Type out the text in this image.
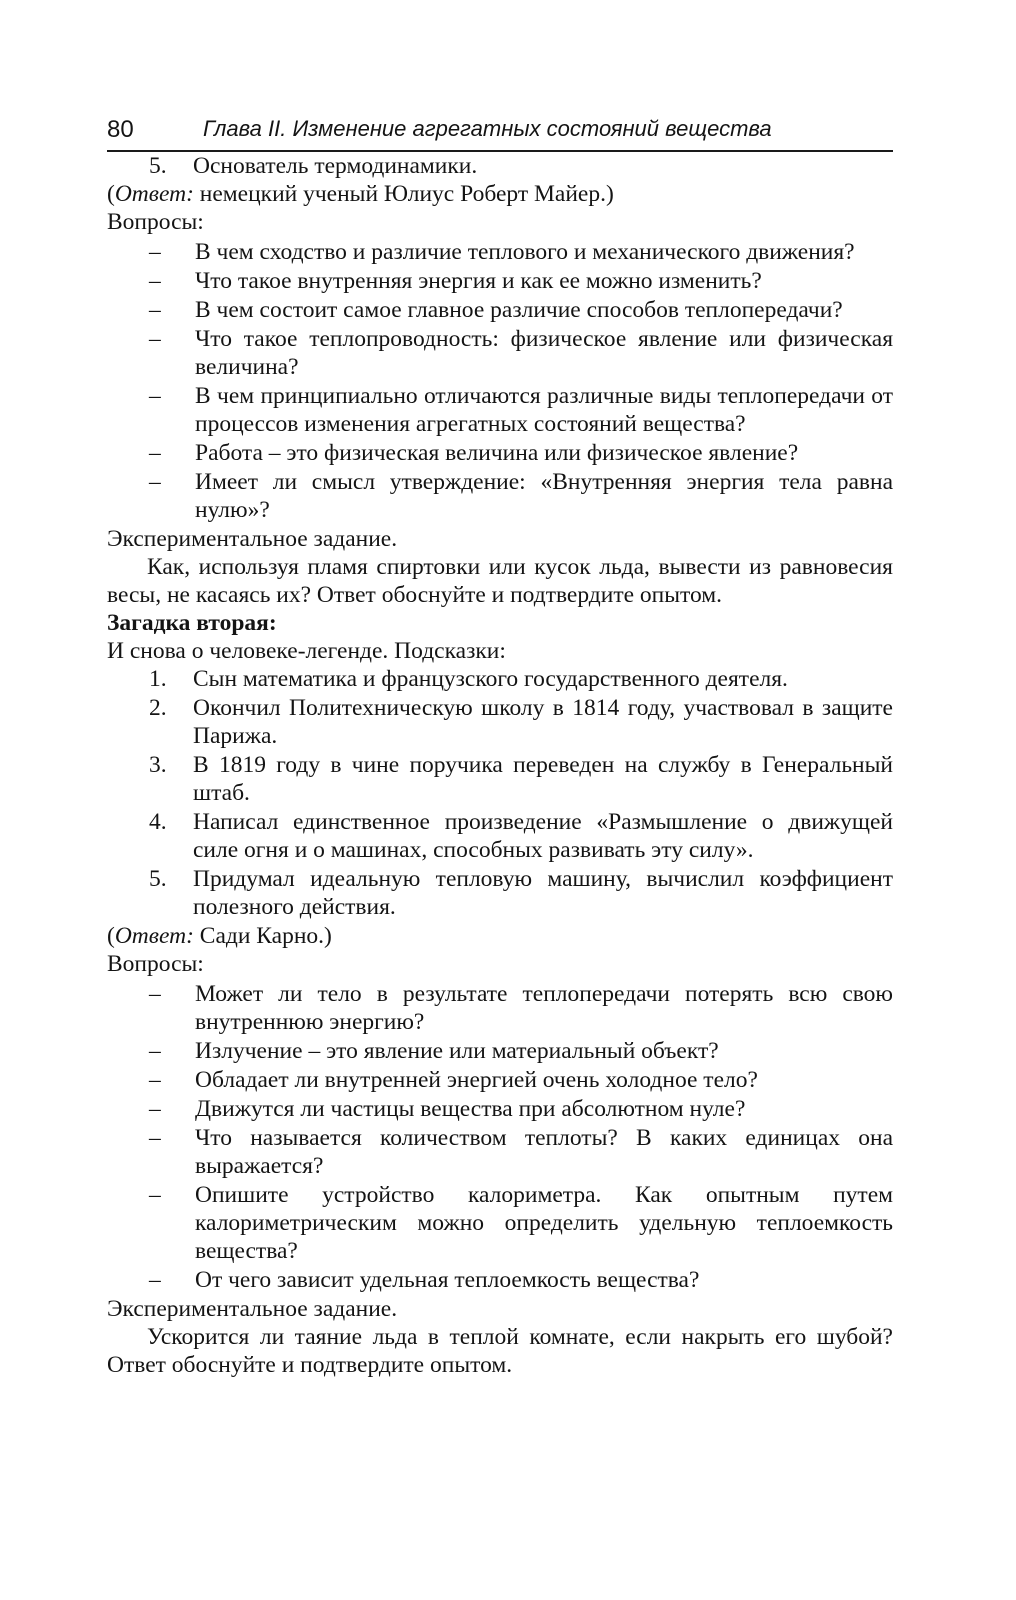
80	Глава II. Изменение агрегатных состояний вещества
5. Основатель термодинамики.

(Ответ: немецкий ученый Юлиус Роберт Майер.)

Вопросы:

– В чем сходство и различие теплового и механического движения?
– Что такое внутренняя энергия и как ее можно изменить?
– В чем состоит самое главное различие способов теплопередачи?
– Что такое теплопроводность: физическое явление или физическая величина?
– В чем принципиально отличаются различные виды теплопередачи от процессов изменения агрегатных состояний вещества?
– Работа – это физическая величина или физическое явление?
– Имеет ли смысл утверждение: «Внутренняя энергия тела равна нулю»?

Экспериментальное задание.

Как, используя пламя спиртовки или кусок льда, вывести из равновесия весы, не касаясь их? Ответ обоснуйте и подтвердите опытом.

Загадка вторая:

И снова о человеке-легенде. Подсказки:

1. Сын математика и французского государственного деятеля.
2. Окончил Политехническую школу в 1814 году, участвовал в защите Парижа.
3. В 1819 году в чине поручика переведен на службу в Генеральный штаб.
4. Написал единственное произведение «Размышление о движущей силе огня и о машинах, способных развивать эту силу».
5. Придумал идеальную тепловую машину, вычислил коэффициент полезного действия.

(Ответ: Сади Карно.)

Вопросы:

– Может ли тело в результате теплопередачи потерять всю свою внутреннюю энергию?
– Излучение – это явление или материальный объект?
– Обладает ли внутренней энергией очень холодное тело?
– Движутся ли частицы вещества при абсолютном нуле?
– Что называется количеством теплоты? В каких единицах она выражается?
– Опишите устройство калориметра. Как опытным путем калориметрическим можно определить удельную теплоемкость вещества?
– От чего зависит удельная теплоемкость вещества?

Экспериментальное задание.

Ускорится ли таяние льда в теплой комнате, если накрыть его шубой? Ответ обоснуйте и подтвердите опытом.
